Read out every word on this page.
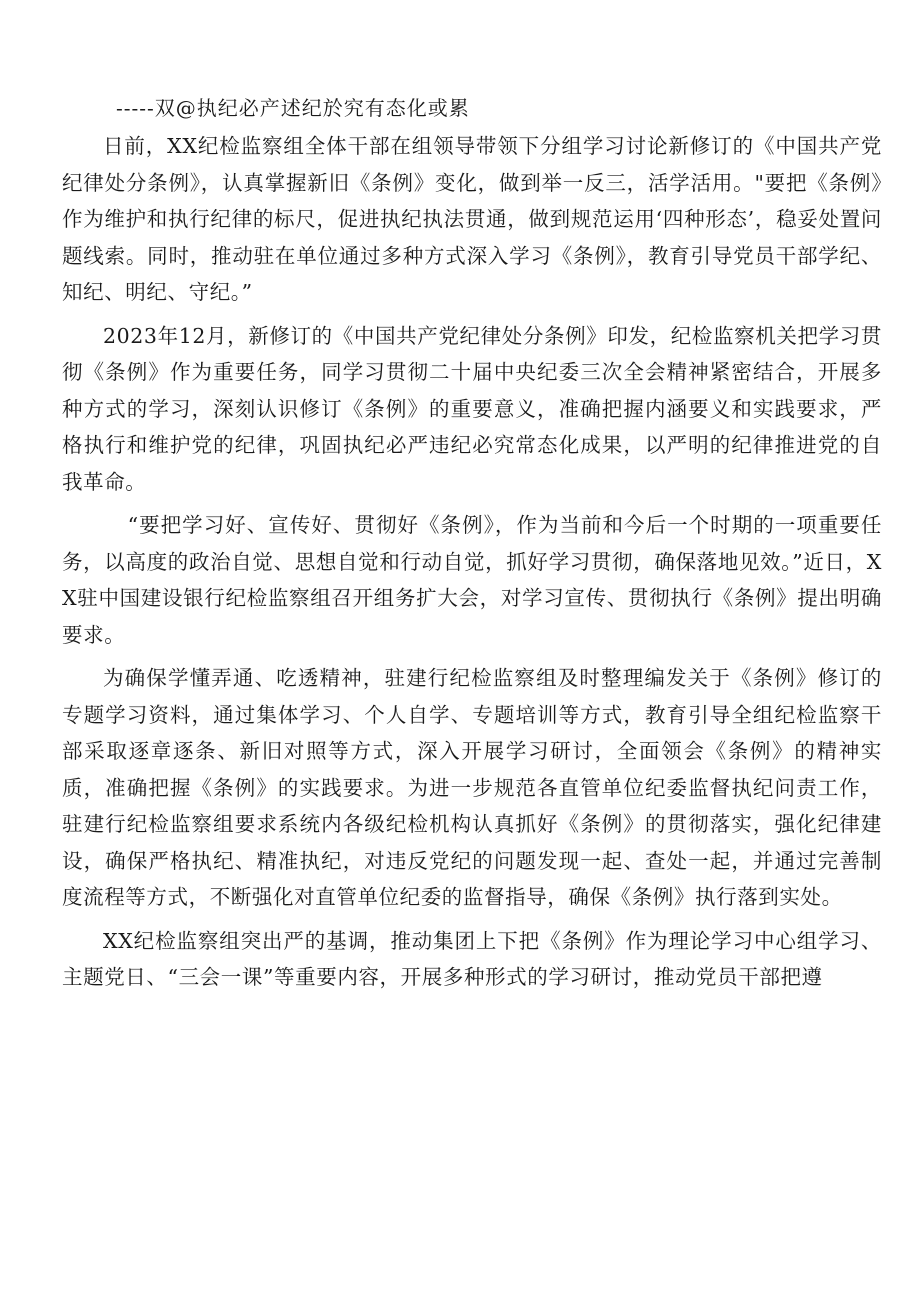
-----双@执纪必产述纪於究有态化或累

日前，XX纪检监察组全体干部在组领导带领下分组学习讨论新修订的《中国共产党纪律处分条例》，认真掌握新旧《条例》变化，做到举一反三，活学活用。"要把《条例》作为维护和执行纪律的标尺，促进执纪执法贯通，做到规范运用‘四种形态’，稳妥处置问题线索。同时，推动驻在单位通过多种方式深入学习《条例》，教育引导党员干部学纪、知纪、明纪、守纪。”

2023年12月，新修订的《中国共产党纪律处分条例》印发，纪检监察机关把学习贯彻《条例》作为重要任务，同学习贯彻二十届中央纪委三次全会精神紧密结合，开展多种方式的学习，深刻认识修订《条例》的重要意义，准确把握内涵要义和实践要求，严格执行和维护党的纪律，巩固执纪必严违纪必究常态化成果，以严明的纪律推进党的自我革命。

“要把学习好、宣传好、贯彻好《条例》，作为当前和今后一个时期的一项重要任务，以高度的政治自觉、思想自觉和行动自觉，抓好学习贯彻，确保落地见效。”近日，XX驻中国建设银行纪检监察组召开组务扩大会，对学习宣传、贯彻执行《条例》提出明确要求。

为确保学懂弄通、吃透精神，驻建行纪检监察组及时整理编发关于《条例》修订的专题学习资料，通过集体学习、个人自学、专题培训等方式，教育引导全组纪检监察干部采取逐章逐条、新旧对照等方式，深入开展学习研讨，全面领会《条例》的精神实质，准确把握《条例》的实践要求。为进一步规范各直管单位纪委监督执纪问责工作，驻建行纪检监察组要求系统内各级纪检机构认真抓好《条例》的贯彻落实，强化纪律建设，确保严格执纪、精准执纪，对违反党纪的问题发现一起、查处一起，并通过完善制度流程等方式，不断强化对直管单位纪委的监督指导，确保《条例》执行落到实处。

XX纪检监察组突出严的基调，推动集团上下把《条例》作为理论学习中心组学习、主题党日、“三会一课”等重要内容，开展多种形式的学习研讨，推动党员干部把遵
